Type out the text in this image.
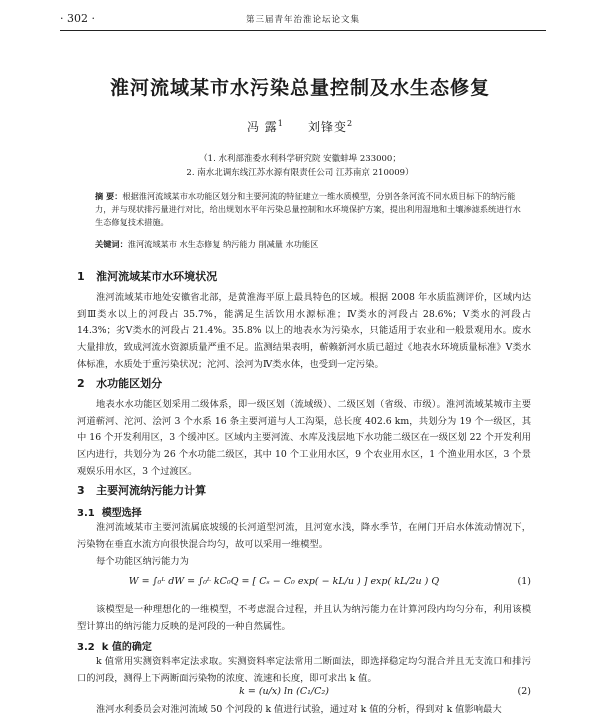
· 302 ·	第三届青年治淮论坛论文集
淮河流域某市水污染总量控制及水生态修复
冯 露$^1$ 刘锋变$^2$
（1. 水利部淮委水利科学研究院 安徽蚌埠 233000；
2. 南水北调东线江苏水源有限责任公司 江苏南京 210009）
摘 要：根据淮河流域某市水功能区划分和主要河流的特征建立一维水质模型，分别各条河流不同水质目标下的纳污能力，并与现状排污量进行对比，给出规划水平年污染总量控制和水环境保护方案，提出利用湿地和土壤渗滤系统进行水生态修复技术措施。
关键词：淮河流域某市 水生态修复 纳污能力 削减量 水功能区
1 淮河流域某市水环境状况
淮河流域某市地处安徽省北部，是黄淮海平原上最具特色的区域。根据 2008 年水质监测评价，区域内达到Ⅲ类水以上的河段占 35.7%，能满足生活饮用水源标准；Ⅳ类水的河段占 28.6%；Ⅴ类水的河段占 14.3%；劣Ⅴ类水的河段占 21.4%。35.8% 以上的地表水为污染水，只能适用于农业和一般景观用水。废水大量排放，致成河流水资源质量严重不足。监测结果表明，蕲赖新河水质已超过《地表水环境质量标准》Ⅴ类水体标准，水质处于重污染状况；沱河、浍河为Ⅳ类水体，也受到一定污染。
2 水功能区划分
地表水水功能区划采用二级体系，即一级区划（流域级）、二级区划（省级、市级）。淮河流域某城市主要河道蕲河、沱河、浍河 3 个水系 16 条主要河道与人工沟渠，总长度 402.6 km，共划分为 19 个一级区，其中 16 个开发利用区，3 个缓冲区。区域内主要河流、水库及浅层地下水功能二级区在一级区划 22 个开发利用区内进行，共划分为 26 个水功能二级区，其中 10 个工业用水区，9 个农业用水区，1 个渔业用水区，3 个景观娱乐用水区，3 个过渡区。
3 主要河流纳污能力计算
3.1 模型选择
淮河流域某市主要河流属底坡缓的长河道型河流，且河宽水浅，降水季节，在闸门开启水体流动情况下，污染物在垂直水流方向很快混合均匀，故可以采用一维模型。
每个功能区纳污能力为
W = ∫₀ᴸ dW = ∫₀ᴸ kC₀Q = [ Cₛ − C₀ exp( − kL/u ) ] exp( kL/2u ) Q	(1)
该模型是一种理想化的一维模型，不考虑混合过程，并且认为纳污能力在计算河段内均匀分布，利用该模型计算出的纳污能力反映的是河段的一种自然属性。
3.2 k 值的确定
k 值常用实测资料率定法求取。实测资料率定法常用二断面法，即选择稳定均匀混合并且无支流口和排污口的河段，测得上下两断面污染物的浓度、流速和长度，即可求出 k 值。
k = (u/x) ln (C₁/C₂)	(2)
淮河水利委员会对淮河流域 50 个河段的 k 值进行试验，通过对 k 值的分析，得到对 k 值影响最大
